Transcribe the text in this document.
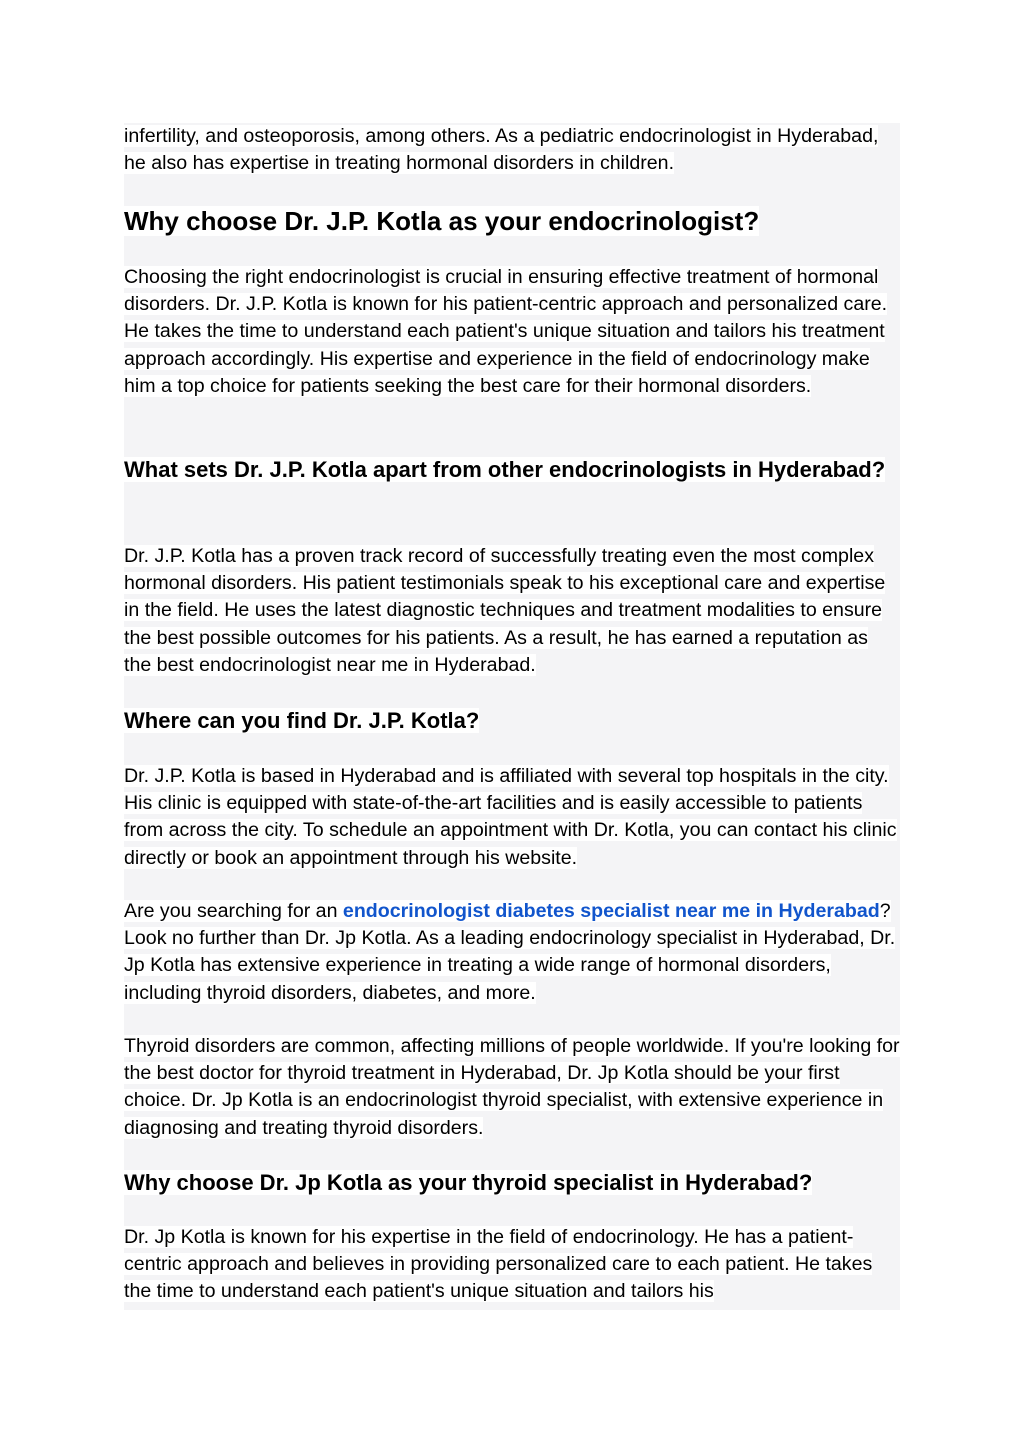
infertility, and osteoporosis, among others. As a pediatric endocrinologist in Hyderabad, he also has expertise in treating hormonal disorders in children.

Why choose Dr. J.P. Kotla as your endocrinologist?

Choosing the right endocrinologist is crucial in ensuring effective treatment of hormonal disorders. Dr. J.P. Kotla is known for his patient-centric approach and personalized care. He takes the time to understand each patient's unique situation and tailors his treatment approach accordingly. His expertise and experience in the field of endocrinology make him a top choice for patients seeking the best care for their hormonal disorders.

What sets Dr. J.P. Kotla apart from other endocrinologists in Hyderabad?

Dr. J.P. Kotla has a proven track record of successfully treating even the most complex hormonal disorders. His patient testimonials speak to his exceptional care and expertise in the field. He uses the latest diagnostic techniques and treatment modalities to ensure the best possible outcomes for his patients. As a result, he has earned a reputation as the best endocrinologist near me in Hyderabad.

Where can you find Dr. J.P. Kotla?

Dr. J.P. Kotla is based in Hyderabad and is affiliated with several top hospitals in the city. His clinic is equipped with state-of-the-art facilities and is easily accessible to patients from across the city. To schedule an appointment with Dr. Kotla, you can contact his clinic directly or book an appointment through his website.

Are you searching for an endocrinologist diabetes specialist near me in Hyderabad? Look no further than Dr. Jp Kotla. As a leading endocrinology specialist in Hyderabad, Dr. Jp Kotla has extensive experience in treating a wide range of hormonal disorders, including thyroid disorders, diabetes, and more.

Thyroid disorders are common, affecting millions of people worldwide. If you're looking for the best doctor for thyroid treatment in Hyderabad, Dr. Jp Kotla should be your first choice. Dr. Jp Kotla is an endocrinologist thyroid specialist, with extensive experience in diagnosing and treating thyroid disorders.

Why choose Dr. Jp Kotla as your thyroid specialist in Hyderabad?

Dr. Jp Kotla is known for his expertise in the field of endocrinology. He has a patient-centric approach and believes in providing personalized care to each patient. He takes the time to understand each patient's unique situation and tailors his
